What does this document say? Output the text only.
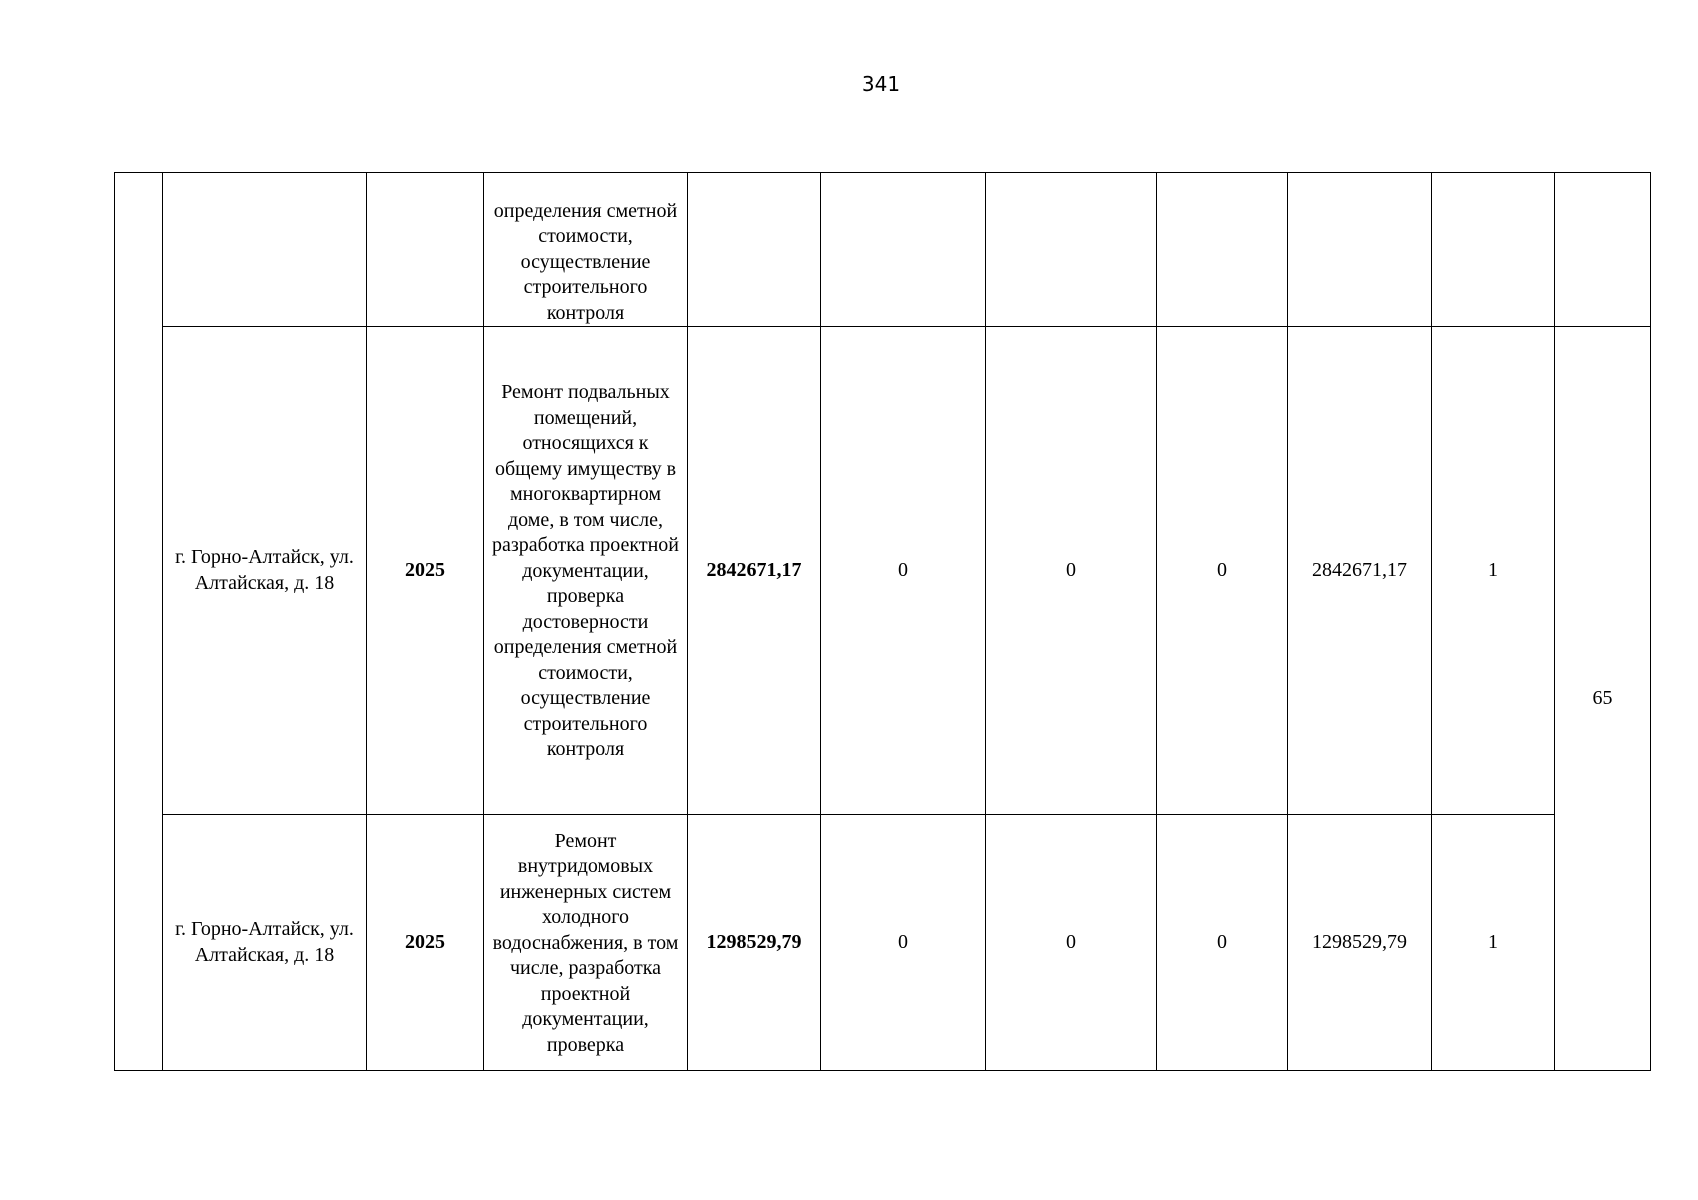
341
			определения сметной стоимости, осуществление строительного контроля							
	г. Горно-Алтайск, ул. Алтайская, д. 18	2025	Ремонт подвальных помещений, относящихся к общему имуществу в многоквартирном доме, в том числе, разработка проектной документации, проверка достоверности определения сметной стоимости, осуществление строительного контроля	2842671,17	0	0	0	2842671,17	1	65
	г. Горно-Алтайск, ул. Алтайская, д. 18	2025	Ремонт внутридомовых инженерных систем холодного водоснабжения, в том числе, разработка проектной документации, проверка	1298529,79	0	0	0	1298529,79	1	
